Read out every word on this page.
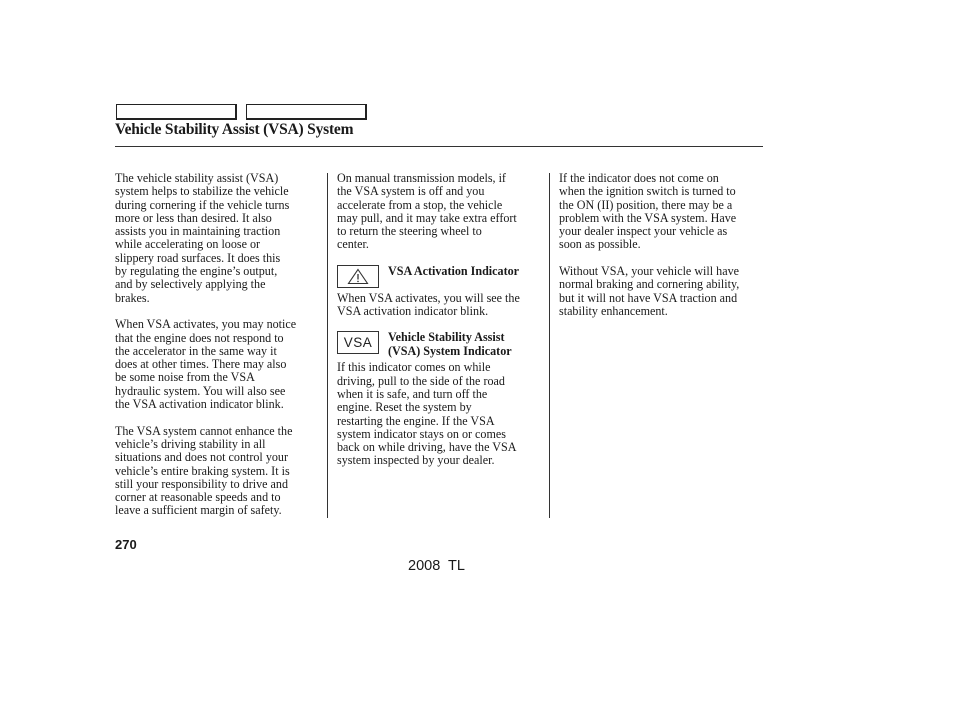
Vehicle Stability Assist (VSA) System

The vehicle stability assist (VSA)
system helps to stabilize the vehicle
during cornering if the vehicle turns
more or less than desired. It also
assists you in maintaining traction
while accelerating on loose or
slippery road surfaces. It does this
by regulating the engine’s output,
and by selectively applying the
brakes.

When VSA activates, you may notice
that the engine does not respond to
the accelerator in the same way it
does at other times. There may also
be some noise from the VSA
hydraulic system. You will also see
the VSA activation indicator blink.

The VSA system cannot enhance the
vehicle’s driving stability in all
situations and does not control your
vehicle’s entire braking system. It is
still your responsibility to drive and
corner at reasonable speeds and to
leave a sufficient margin of safety.

On manual transmission models, if
the VSA system is off and you
accelerate from a stop, the vehicle
may pull, and it may take extra effort
to return the steering wheel to
center.

VSA Activation Indicator

When VSA activates, you will see the
VSA activation indicator blink.

VSA Vehicle Stability Assist
(VSA) System Indicator

If this indicator comes on while
driving, pull to the side of the road
when it is safe, and turn off the
engine. Reset the system by
restarting the engine. If the VSA
system indicator stays on or comes
back on while driving, have the VSA
system inspected by your dealer.

If the indicator does not come on
when the ignition switch is turned to
the ON (II) position, there may be a
problem with the VSA system. Have
your dealer inspect your vehicle as
soon as possible.

Without VSA, your vehicle will have
normal braking and cornering ability,
but it will not have VSA traction and
stability enhancement.

270
2008  TL
